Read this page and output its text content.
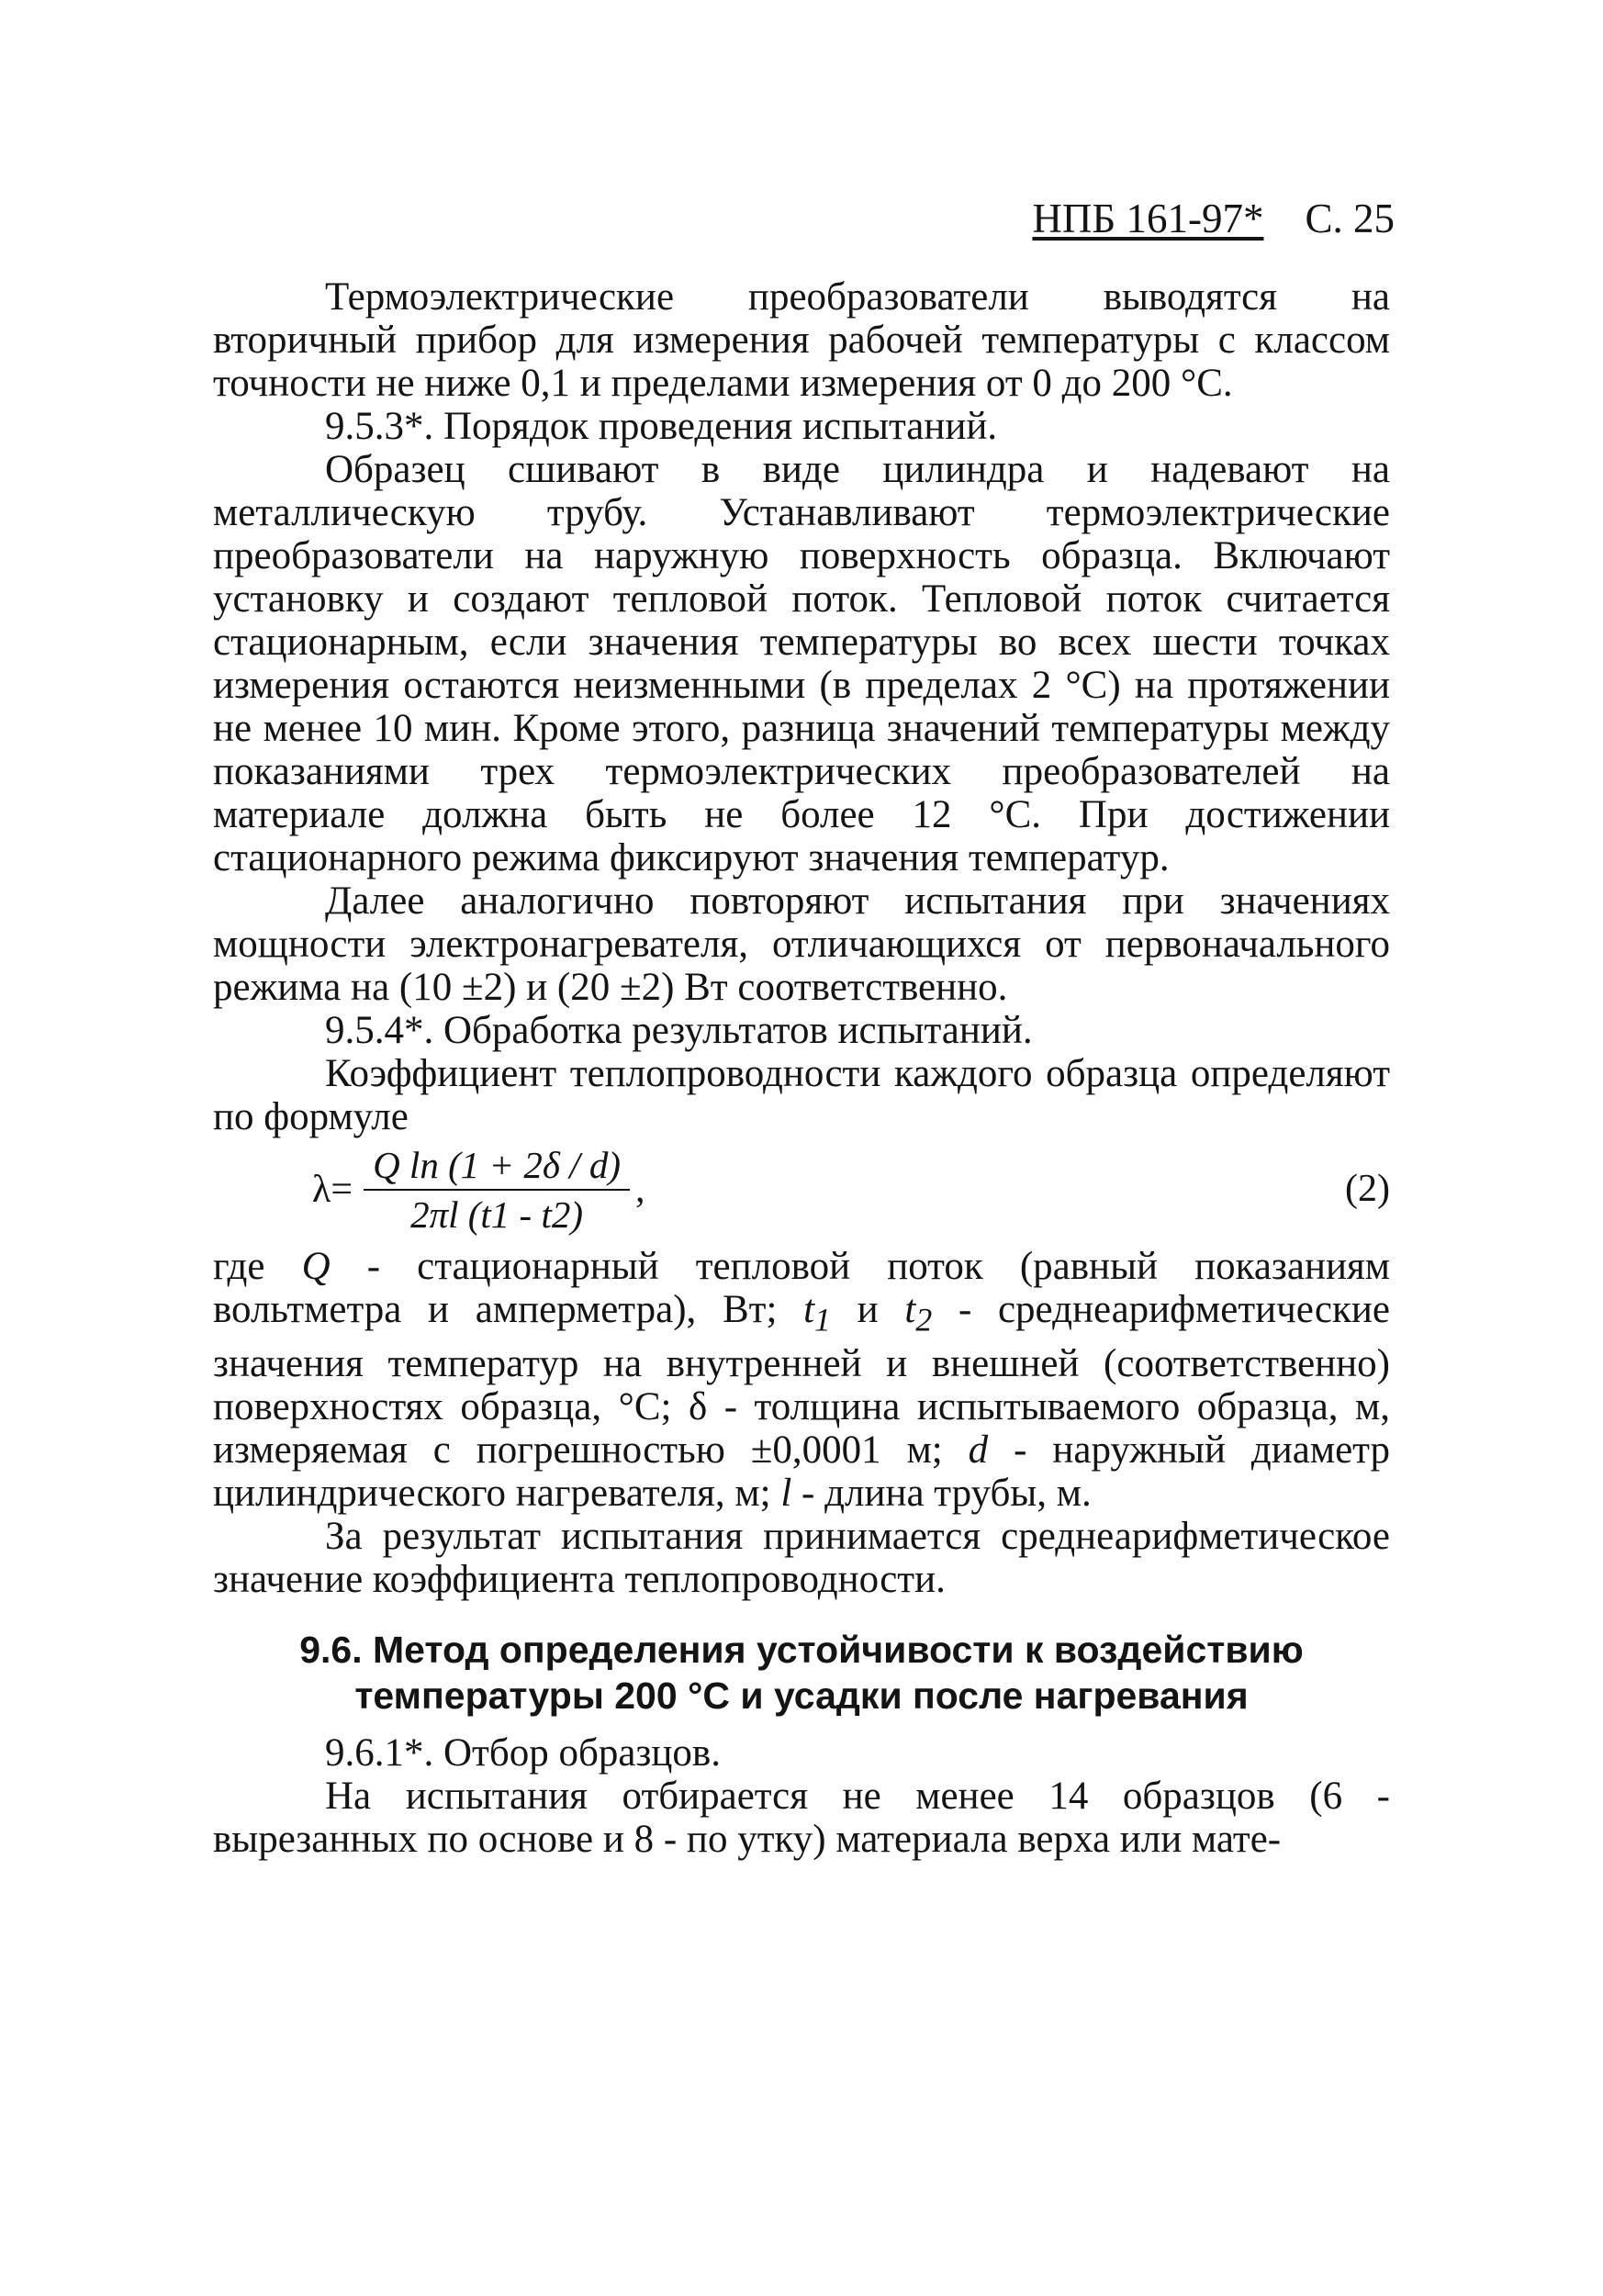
НПБ 161-97* С. 25

Термоэлектрические преобразователи выводятся на вторичный прибор для измерения рабочей температуры с классом точности не ниже 0,1 и пределами измерения от 0 до 200 °С.

9.5.3*. Порядок проведения испытаний.

Образец сшивают в виде цилиндра и надевают на металлическую трубу. Устанавливают термоэлектрические преобразователи на наружную поверхность образца. Включают установку и создают тепловой поток. Тепловой поток считается стационарным, если значения температуры во всех шести точках измерения остаются неизменными (в пределах 2 °С) на протяжении не менее 10 мин. Кроме этого, разница значений температуры между показаниями трех термоэлектрических преобразователей на материале должна быть не более 12 °С. При достижении стационарного режима фиксируют значения температур.

Далее аналогично повторяют испытания при значениях мощности электронагревателя, отличающихся от первоначального режима на (10 ±2) и (20 ±2) Вт соответственно.

9.5.4*. Обработка результатов испытаний.

Коэффициент теплопроводности каждого образца определяют по формуле

$\lambda= \frac{\text{Q ln (1 + 2δ / d)}}{2\pi l (t1 - t2)}$ ,	(2)

где Q - стационарный тепловой поток (равный показаниям вольтметра и амперметра), Вт; $t_1$ и $t_2$ - среднеарифметические значения температур на внутренней и внешней (соответственно) поверхностях образца, °С; δ - толщина испытываемого образца, м, измеряемая с погрешностью ±0,0001 м; d - наружный диаметр цилиндрического нагревателя, м; l - длина трубы, м.

За результат испытания принимается среднеарифметическое значение коэффициента теплопроводности.

9.6. Метод определения устойчивости к воздействию
температуры 200 °С и усадки после нагревания

9.6.1*. Отбор образцов.

На испытания отбирается не менее 14 образцов (6 - вырезанных по основе и 8 - по утку) материала верха или мате-
